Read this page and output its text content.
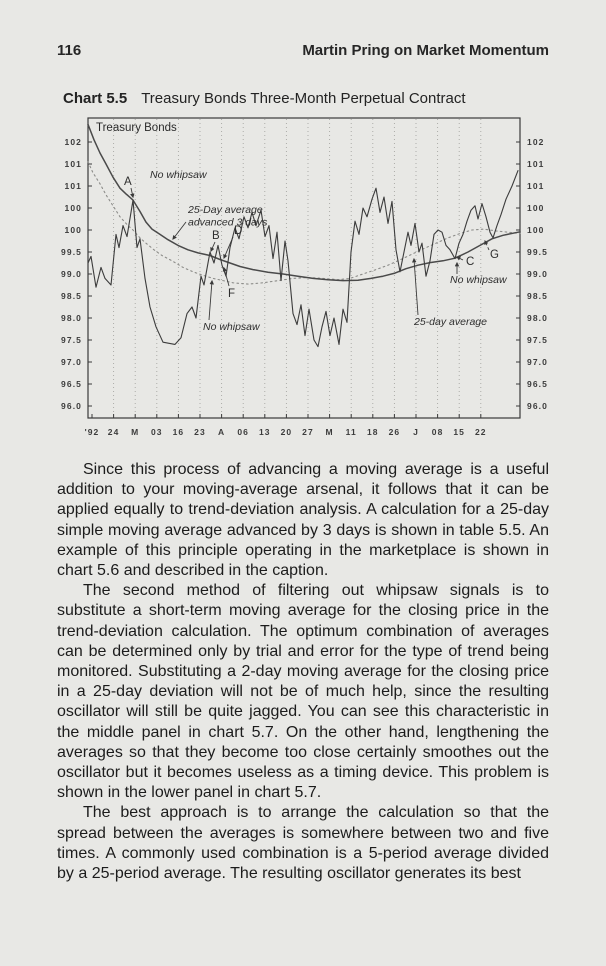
116	Martin Pring on Market Momentum
Chart 5.5 Treasury Bonds Three-Month Perpetual Contract
'92 24 M 03 16 23 A 06 13 20 27 M 11 18 26 J 08 15 22
102	102
101	101
101	101
100	100
100	100
99.5	99.5
99.0	99.0
98.5	98.5
98.0	98.0
97.5	97.5
97.0	97.0
96.5	96.5
96.0	96.0
Treasury Bonds
No whipsaw
A
25-Day average
advanced 3 days
B D
F
No whipsaw	25-day average
No whipsaw
C
G

Since this process of advancing a moving average is a useful addition to your moving-average arsenal, it follows that it can be applied equally to trend-deviation analysis. A calculation for a 25-day simple moving average advanced by 3 days is shown in table 5.5. An example of this principle operating in the marketplace is shown in chart 5.6 and described in the caption.

The second method of filtering out whipsaw signals is to substitute a short-term moving average for the closing price in the trend-deviation calculation. The optimum combination of averages can be determined only by trial and error for the type of trend being monitored. Substituting a 2-day moving average for the closing price in a 25-day deviation will not be of much help, since the resulting oscillator will still be quite jagged. You can see this characteristic in the middle panel in chart 5.7. On the other hand, lengthening the averages so that they become too close certainly smoothes out the oscillator but it becomes useless as a timing device. This problem is shown in the lower panel in chart 5.7.

The best approach is to arrange the calculation so that the spread between the averages is somewhere between two and five times. A commonly used combination is a 5-period average divided by a 25-period average. The resulting oscillator generates its best
